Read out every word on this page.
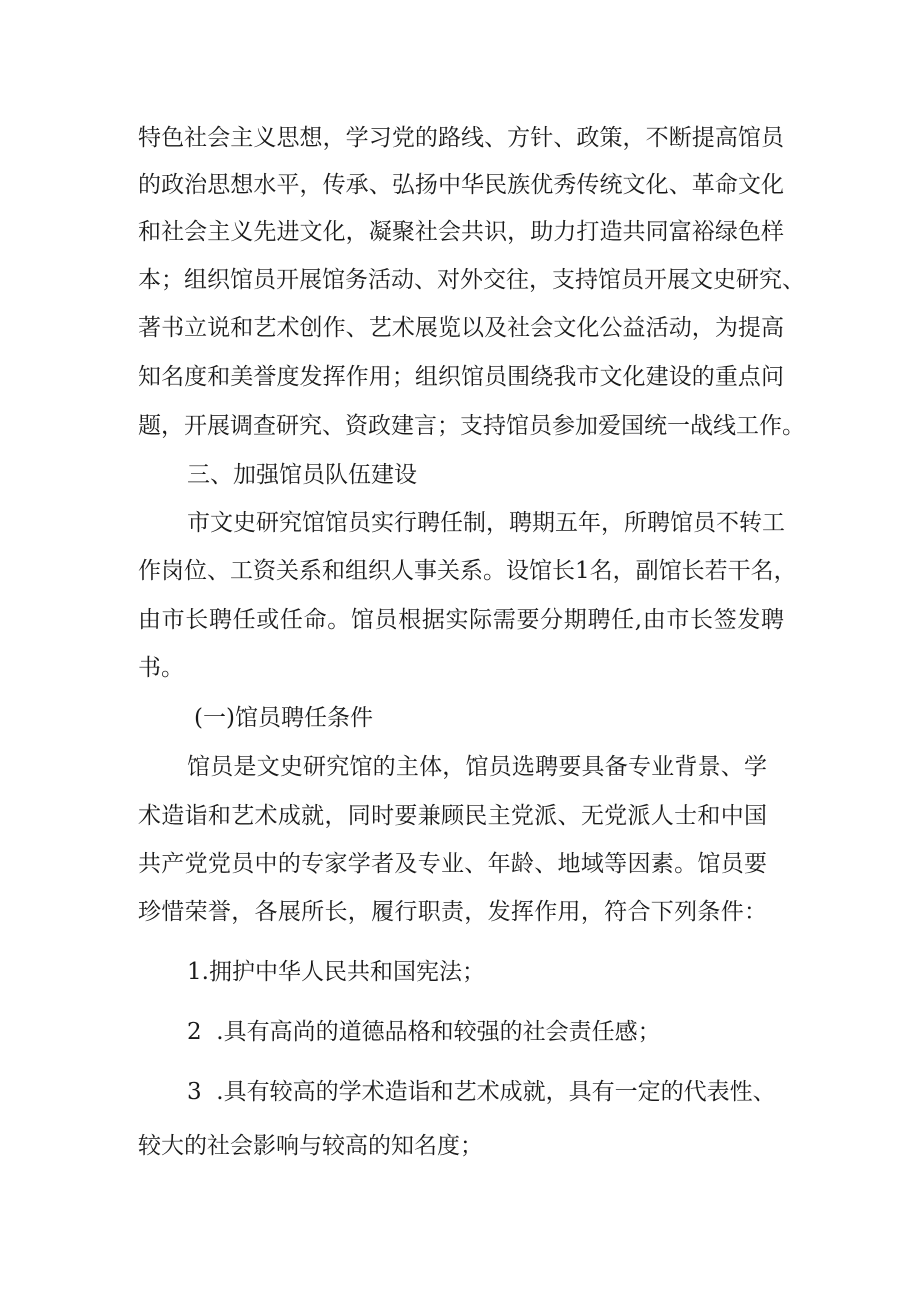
特色社会主义思想，学习党的路线、方针、政策，不断提高馆员
的政治思想水平，传承、弘扬中华民族优秀传统文化、革命文化
和社会主义先进文化，凝聚社会共识，助力打造共同富裕绿色样
本；组织馆员开展馆务活动、对外交往，支持馆员开展文史研究、
著书立说和艺术创作、艺术展览以及社会文化公益活动，为提高
知名度和美誉度发挥作用；组织馆员围绕我市文化建设的重点问
题，开展调查研究、资政建言；支持馆员参加爱国统一战线工作。
三、加强馆员队伍建设
市文史研究馆馆员实行聘任制，聘期五年，所聘馆员不转工
作岗位、工资关系和组织人事关系。设馆长1名，副馆长若干名，
由市长聘任或任命。馆员根据实际需要分期聘任,由市长签发聘
书。
(一)馆员聘任条件
馆员是文史研究馆的主体，馆员选聘要具备专业背景、学
术造诣和艺术成就，同时要兼顾民主党派、无党派人士和中国
共产党党员中的专家学者及专业、年龄、地域等因素。馆员要
珍惜荣誉，各展所长，履行职责，发挥作用，符合下列条件：
1.拥护中华人民共和国宪法；
2  .具有高尚的道德品格和较强的社会责任感；
3  .具有较高的学术造诣和艺术成就，具有一定的代表性、
较大的社会影响与较高的知名度；
